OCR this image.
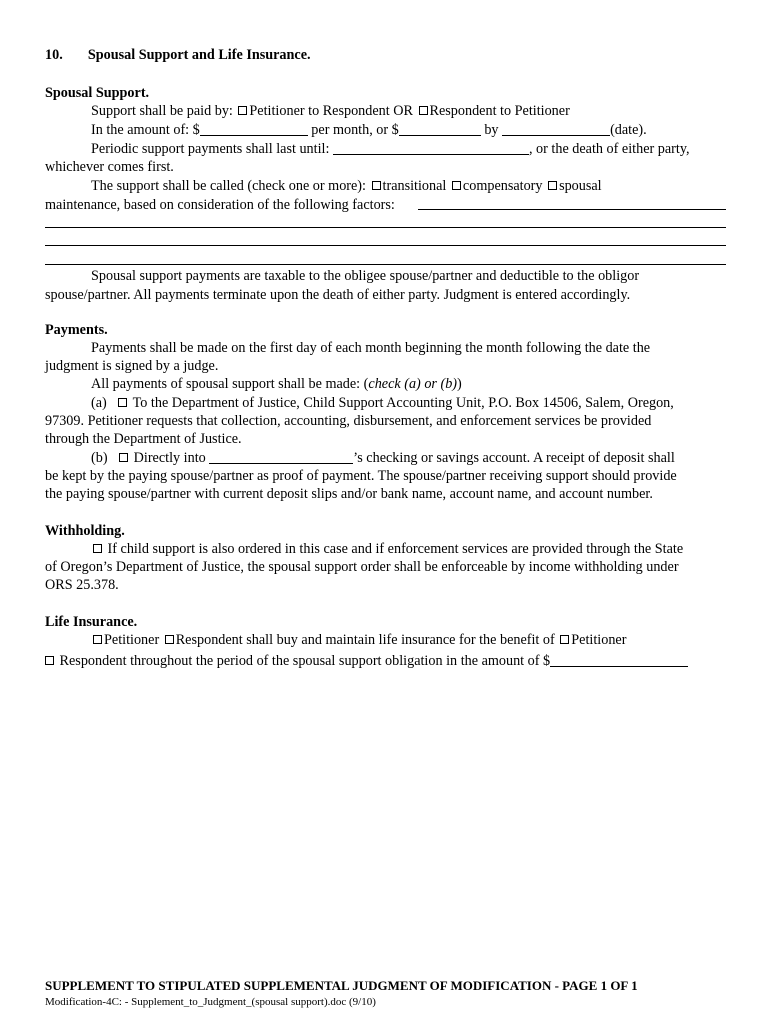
10. Spousal Support and Life Insurance.
Spousal Support.
Support shall be paid by: Petitioner to Respondent OR Respondent to Petitioner
In the amount of: $	per month, or $	by	(date).
Periodic support payments shall last until:	, or the death of either party,
whichever comes first.
The support shall be called (check one or more): transitional compensatory spousal
maintenance, based on consideration of the following factors:
Spousal support payments are taxable to the obligee spouse/partner and deductible to the obligor
spouse/partner. All payments terminate upon the death of either party. Judgment is entered accordingly.
Payments.
Payments shall be made on the first day of each month beginning the month following the date the
judgment is signed by a judge.
All payments of spousal support shall be made: (check (a) or (b))
(a) To the Department of Justice, Child Support Accounting Unit, P.O. Box 14506, Salem, Oregon,
97309. Petitioner requests that collection, accounting, disbursement, and enforcement services be provided
through the Department of Justice.
(b) Directly into	’s checking or savings account. A receipt of deposit shall
be kept by the paying spouse/partner as proof of payment. The spouse/partner receiving support should provide
the paying spouse/partner with current deposit slips and/or bank name, account name, and account number.
Withholding.
If child support is also ordered in this case and if enforcement services are provided through the State
of Oregon’s Department of Justice, the spousal support order shall be enforceable by income withholding under
ORS 25.378.
Life Insurance.
Petitioner Respondent shall buy and maintain life insurance for the benefit of Petitioner
Respondent throughout the period of the spousal support obligation in the amount of $
SUPPLEMENT TO STIPULATED SUPPLEMENTAL JUDGMENT OF MODIFICATION - PAGE 1 OF 1
Modification-4C: - Supplement_to_Judgment_(spousal support).doc (9/10)
